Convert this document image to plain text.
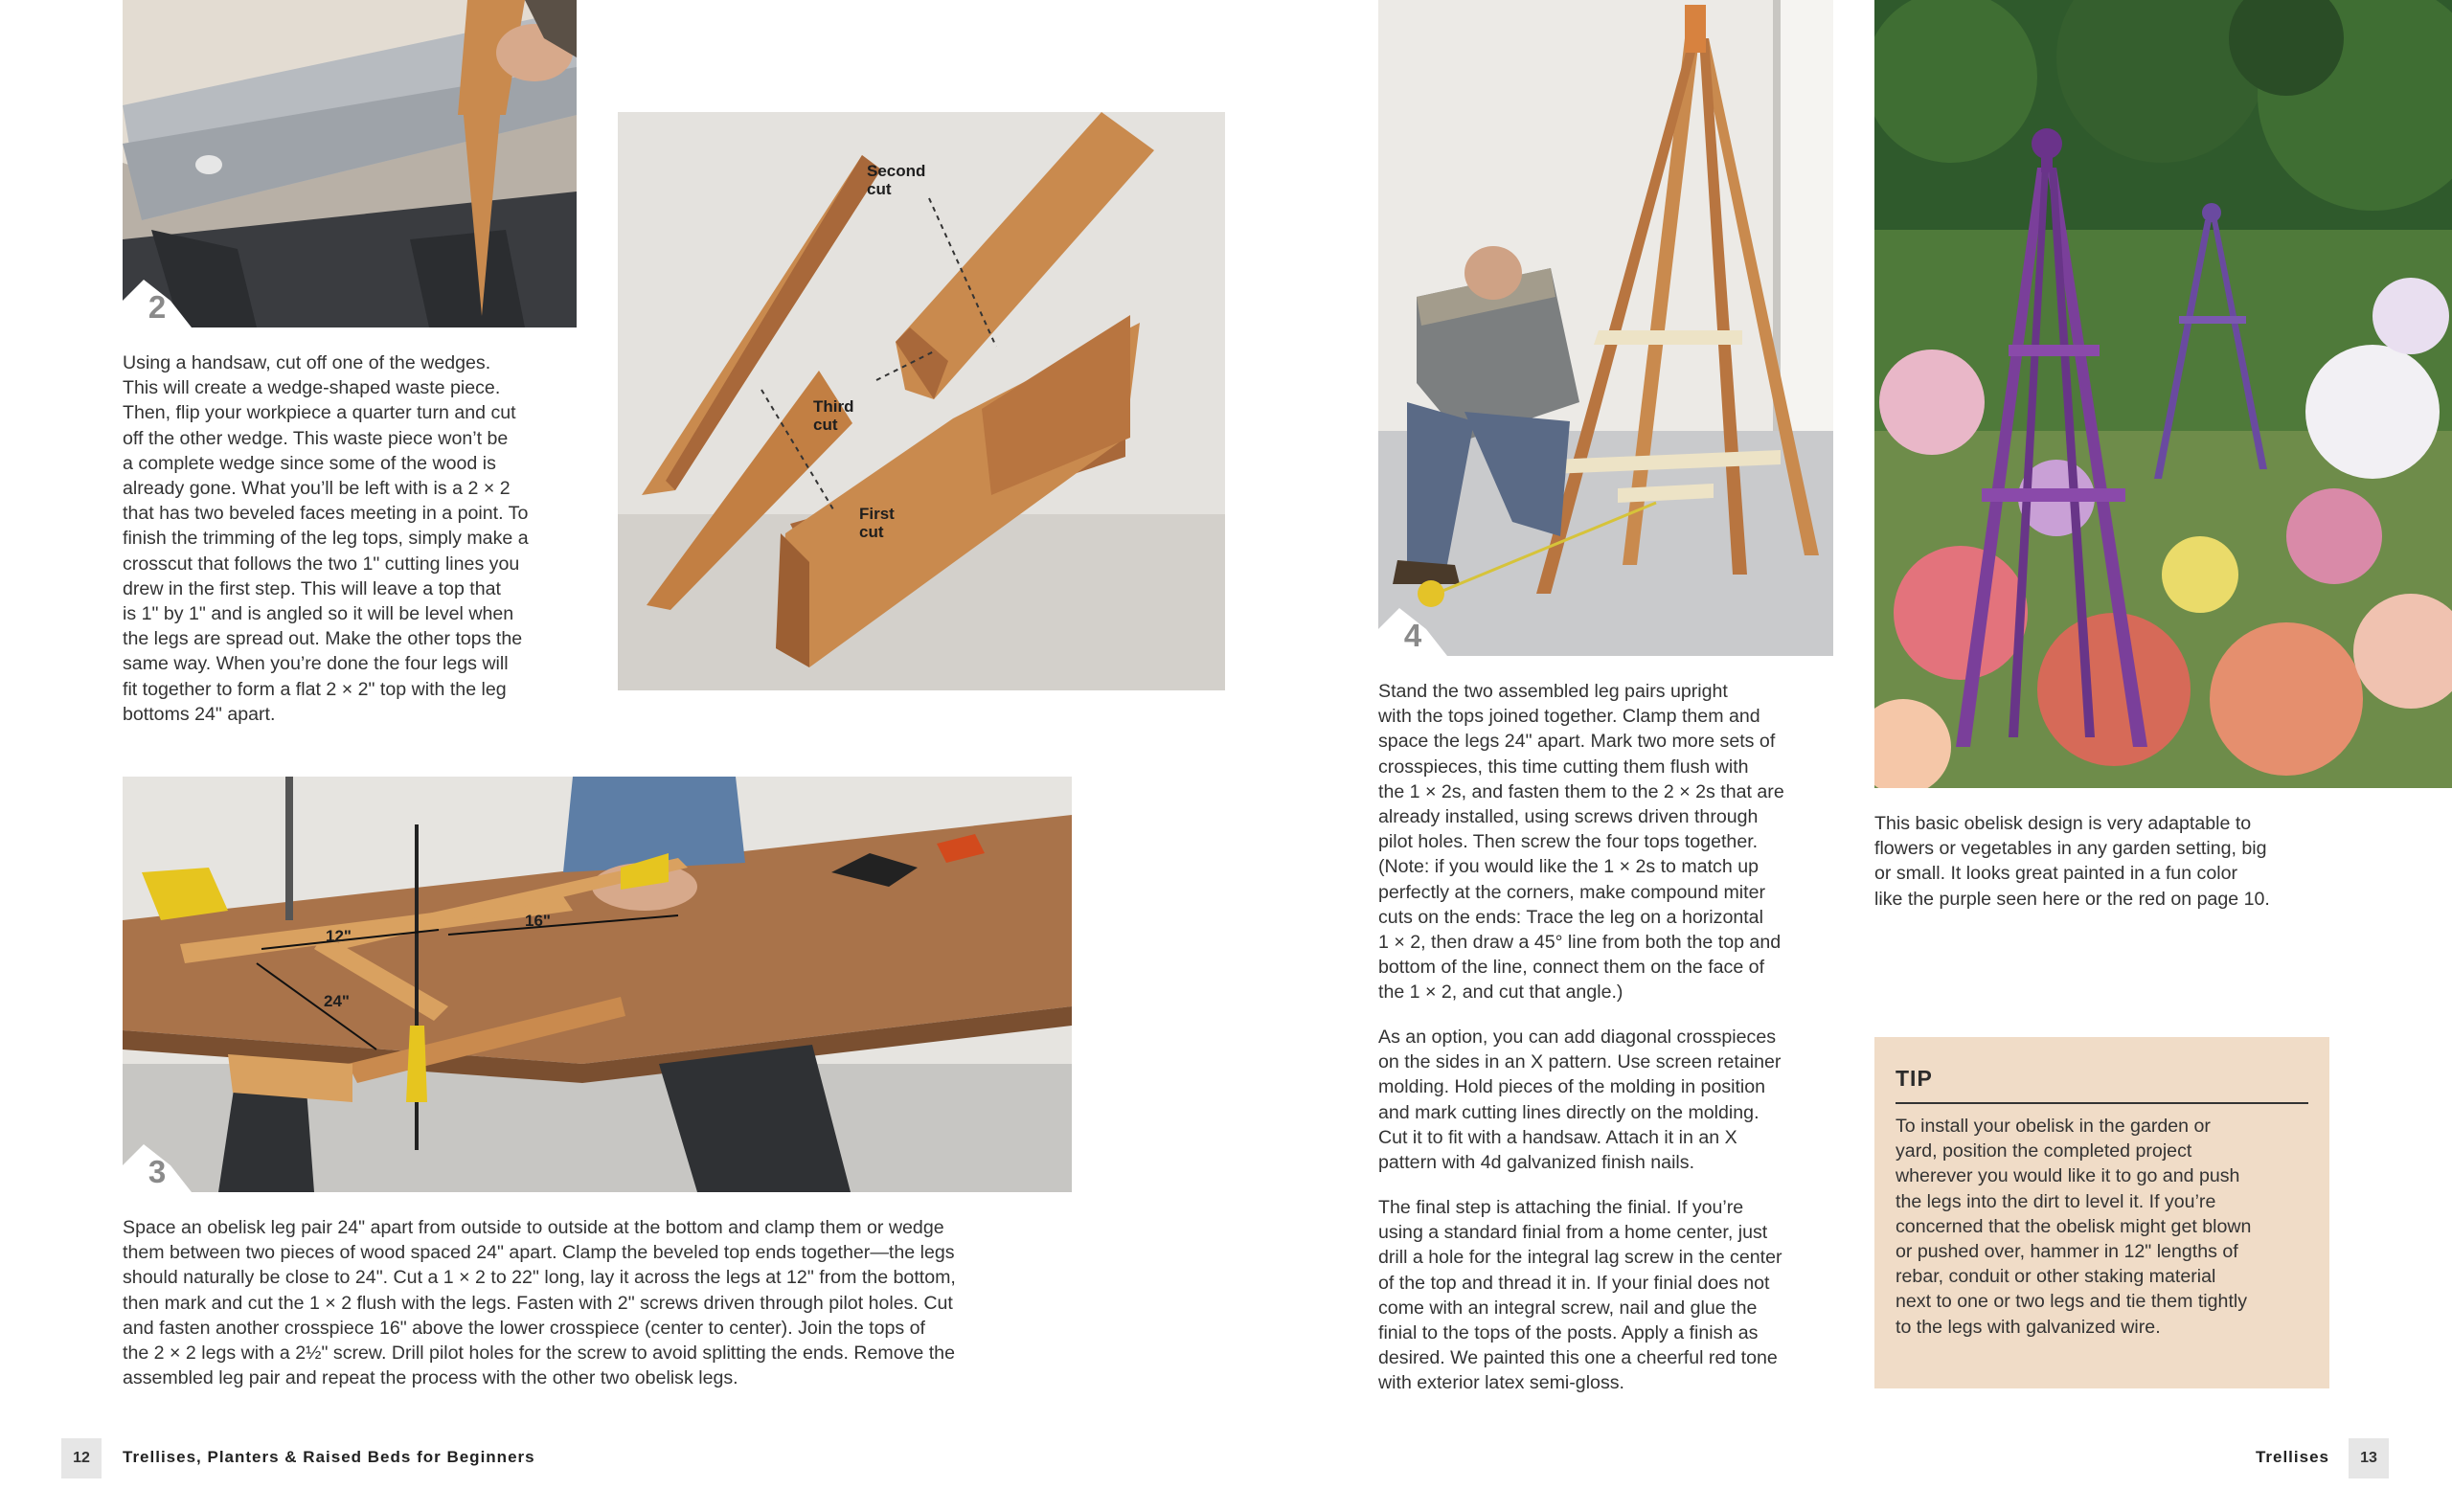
2

Using a handsaw, cut off one of the wedges.
This will create a wedge-shaped waste piece.
Then, flip your workpiece a quarter turn and cut
off the other wedge. This waste piece won’t be
a complete wedge since some of the wood is
already gone. What you’ll be left with is a 2 × 2
that has two beveled faces meeting in a point. To
finish the trimming of the leg tops, simply make a
crosscut that follows the two 1" cutting lines you
drew in the first step. This will leave a top that
is 1" by 1" and is angled so it will be level when
the legs are spread out. Make the other tops the
same way. When you’re done the four legs will
fit together to form a flat 2 × 2" top with the leg
bottoms 24" apart.

Second
cut
Third
cut
First
cut
12"
16"
24"
3

Space an obelisk leg pair 24" apart from outside to outside at the bottom and clamp them or wedge
them between two pieces of wood spaced 24" apart. Clamp the beveled top ends together—the legs
should naturally be close to 24". Cut a 1 × 2 to 22" long, lay it across the legs at 12" from the bottom,
then mark and cut the 1 × 2 flush with the legs. Fasten with 2" screws driven through pilot holes. Cut
and fasten another crosspiece 16" above the lower crosspiece (center to center). Join the tops of
the 2 × 2 legs with a 2½" screw. Drill pilot holes for the screw to avoid splitting the ends. Remove the
assembled leg pair and repeat the process with the other two obelisk legs.

4

Stand the two assembled leg pairs upright
with the tops joined together. Clamp them and
space the legs 24" apart. Mark two more sets of
crosspieces, this time cutting them flush with
the 1 × 2s, and fasten them to the 2 × 2s that are
already installed, using screws driven through
pilot holes. Then screw the four tops together.
(Note: if you would like the 1 × 2s to match up
perfectly at the corners, make compound miter
cuts on the ends: Trace the leg on a horizontal
1 × 2, then draw a 45° line from both the top and
bottom of the line, connect them on the face of
the 1 × 2, and cut that angle.)

As an option, you can add diagonal crosspieces
on the sides in an X pattern. Use screen retainer
molding. Hold pieces of the molding in position
and mark cutting lines directly on the molding.
Cut it to fit with a handsaw. Attach it in an X
pattern with 4d galvanized finish nails.

The final step is attaching the finial. If you’re
using a standard finial from a home center, just
drill a hole for the integral lag screw in the center
of the top and thread it in. If your finial does not
come with an integral screw, nail and glue the
finial to the tops of the posts. Apply a finish as
desired. We painted this one a cheerful red tone
with exterior latex semi-gloss.

This basic obelisk design is very adaptable to
flowers or vegetables in any garden setting, big
or small. It looks great painted in a fun color
like the purple seen here or the red on page 10.

TIP
To install your obelisk in the garden or
yard, position the completed project
wherever you would like it to go and push
the legs into the dirt to level it. If you’re
concerned that the obelisk might get blown
or pushed over, hammer in 12" lengths of
rebar, conduit or other staking material
next to one or two legs and tie them tightly
to the legs with galvanized wire.
12	Trellises, Planters & Raised Beds for Beginners	Trellises	13
